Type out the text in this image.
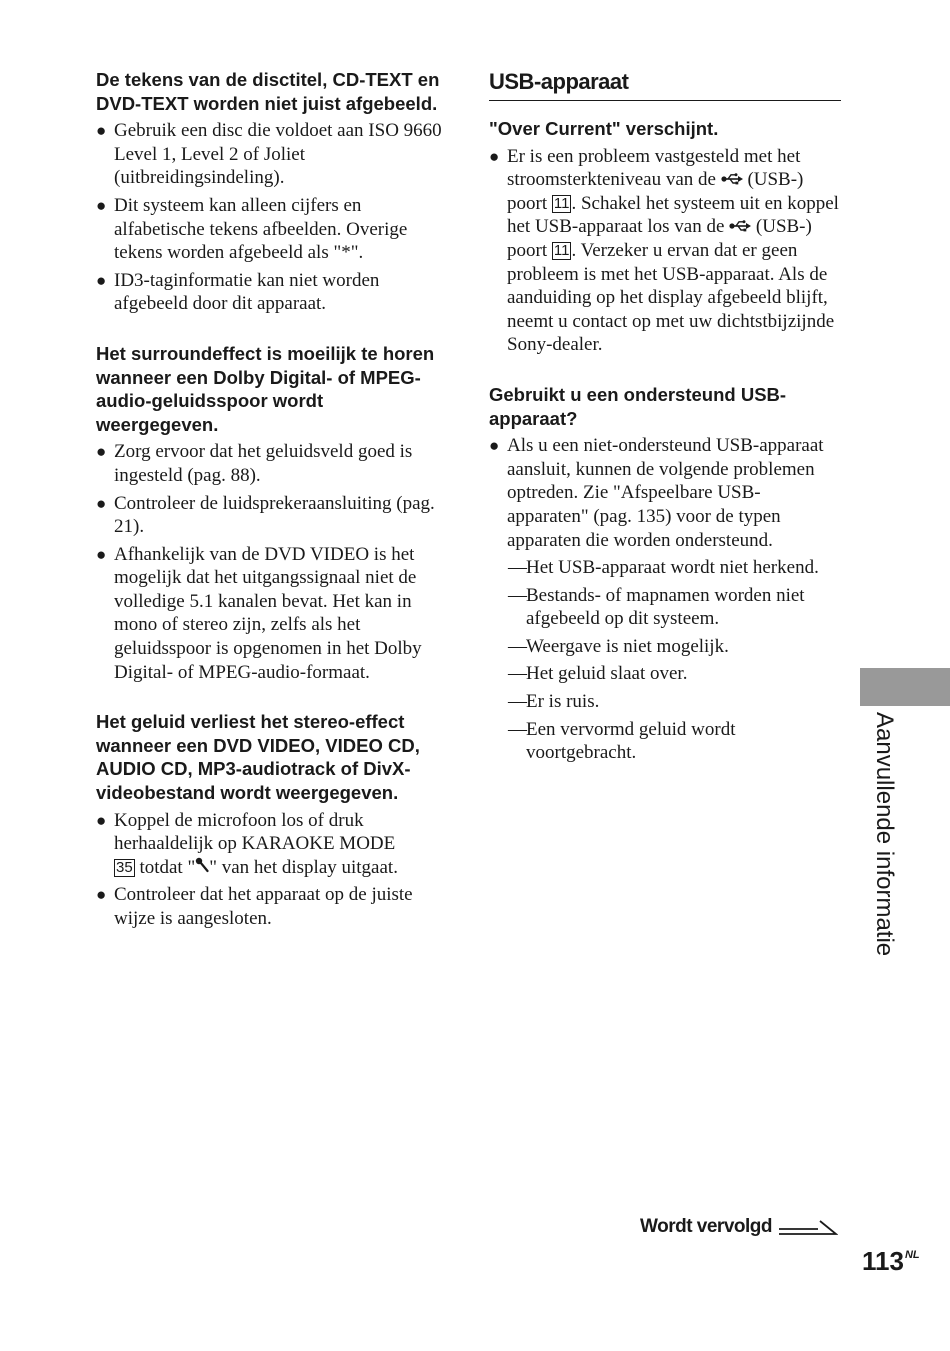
De tekens van de disctitel, CD-TEXT en DVD-TEXT worden niet juist afgebeeld.

● Gebruik een disc die voldoet aan ISO 9660 Level 1, Level 2 of Joliet (uitbreidingsindeling).

● Dit systeem kan alleen cijfers en alfabetische tekens afbeelden. Overige tekens worden afgebeeld als "*".

● ID3-taginformatie kan niet worden afgebeeld door dit apparaat.

Het surroundeffect is moeilijk te horen wanneer een Dolby Digital- of MPEG-audio-geluidsspoor wordt weergegeven.

● Zorg ervoor dat het geluidsveld goed is ingesteld (pag. 88).

● Controleer de luidsprekeraansluiting (pag. 21).

● Afhankelijk van de DVD VIDEO is het mogelijk dat het uitgangssignaal niet de volledige 5.1 kanalen bevat. Het kan in mono of stereo zijn, zelfs als het geluidsspoor is opgenomen in het Dolby Digital- of MPEG-audio-formaat.

Het geluid verliest het stereo-effect wanneer een DVD VIDEO, VIDEO CD, AUDIO CD, MP3-audiotrack of DivX-videobestand wordt weergegeven.

● Koppel de microfoon los of druk herhaaldelijk op KARAOKE MODE
35 totdat " " van het display uitgaat.

● Controleer dat het apparaat op de juiste wijze is aangesloten.

USB-apparaat

"Over Current" verschijnt.

● Er is een probleem vastgesteld met het stroomsterkteniveau van de  (USB-) poort 11 . Schakel het systeem uit en koppel het USB-apparaat los van de  (USB-) poort 11 . Verzeker u ervan dat er geen probleem is met het USB-apparaat. Als de aanduiding op het display afgebeeld blijft, neemt u contact op met uw dichtstbijzijnde Sony-dealer.

Gebruikt u een ondersteund USB-apparaat?

● Als u een niet-ondersteund USB-apparaat aansluit, kunnen de volgende problemen optreden. Zie "Afspeelbare USB-apparaten" (pag. 135) voor de typen apparaten die worden ondersteund.

— Het USB-apparaat wordt niet herkend.

— Bestands- of mapnamen worden niet afgebeeld op dit systeem.

— Weergave is niet mogelijk.

— Het geluid slaat over.

— Er is ruis.

— Een vervormd geluid wordt voortgebracht.	Aanvullende informatie
Wordt vervolgd
$113^{NL}$
